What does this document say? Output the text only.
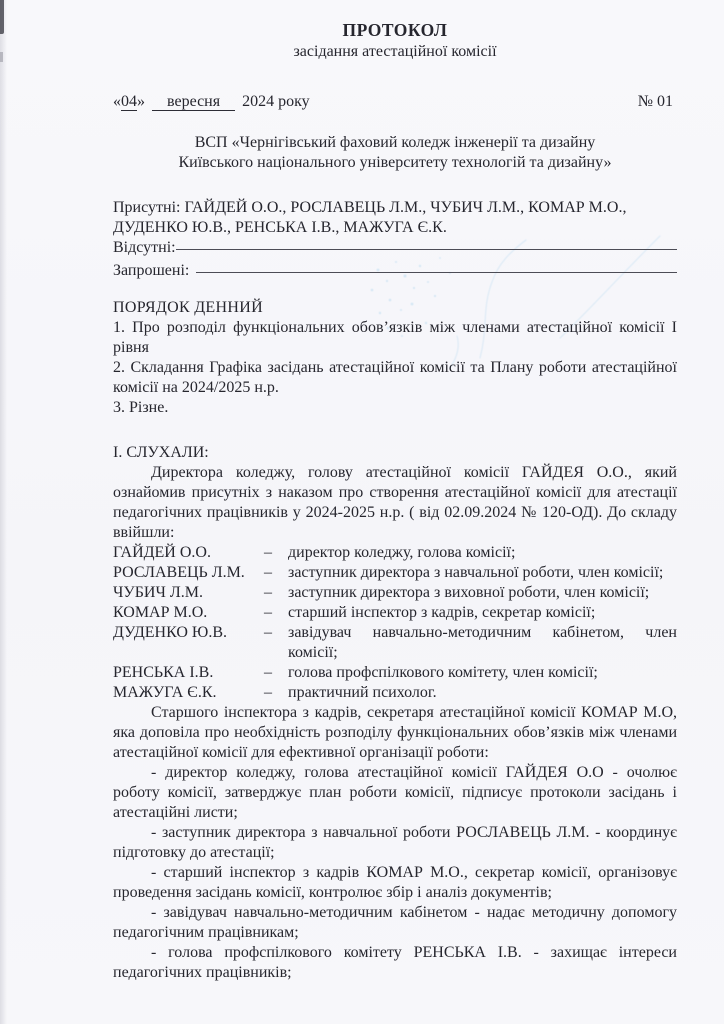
ПРОТОКОЛ
засідання атестаційної комісії
«04» вересня 2024 року	№ 01
ВСП «Чернігівський фаховий коледж інженерії та дизайну
Київського національного університету технологій та дизайну»
Присутні: ГАЙДЕЙ О.О., РОСЛАВЕЦЬ Л.М., ЧУБИЧ Л.М., КОМАР М.О., ДУДЕНКО Ю.В., РЕНСЬКА І.В., МАЖУГА Є.К.
Відсутні:
Запрошені:
ПОРЯДОК ДЕННИЙ
1. Про розподіл функціональних обов’язків між членами атестаційної комісії І рівня
2. Складання Графіка засідань атестаційної комісії та Плану роботи атестаційної комісії на 2024/2025 н.р.
3. Різне.
І. СЛУХАЛИ:

Директора коледжу, голову атестаційної комісії ГАЙДЕЯ О.О., який ознайомив присутніх з наказом про створення атестаційної комісії для атестації педагогічних працівників у 2024-2025 н.р. ( від 02.09.2024 № 120-ОД). До складу ввійшли:

ГАЙДЕЙ О.О.	–	директор коледжу, голова комісії;
РОСЛАВЕЦЬ Л.М.	–	заступник директора з навчальної роботи, член комісії;
ЧУБИЧ Л.М.	–	заступник директора з виховної роботи, член комісії;
КОМАР М.О.	–	старший інспектор з кадрів, секретар комісії;
ДУДЕНКО Ю.В.	–	завідувач навчально-методичним кабінетом, член комісії;
РЕНСЬКА І.В.	–	голова профспілкового комітету, член комісії;
МАЖУГА Є.К.	–	практичний психолог.

Старшого інспектора з кадрів, секретаря атестаційної комісії КОМАР М.О, яка доповіла про необхідність розподілу функціональних обов’язків між членами атестаційної комісії для ефективної організації роботи:

- директор коледжу, голова атестаційної комісії ГАЙДЕЯ О.О - очолює роботу комісії, затверджує план роботи комісії, підписує протоколи засідань і атестаційні листи;

- заступник директора з навчальної роботи РОСЛАВЕЦЬ Л.М. - координує підготовку до атестації;

- старший інспектор з кадрів КОМАР М.О., секретар комісії, організовує проведення засідань комісії, контролює збір і аналіз документів;

- завідувач навчально-методичним кабінетом - надає методичну допомогу педагогічним працівникам;

- голова профспілкового комітету РЕНСЬКА І.В. - захищає інтереси педагогічних працівників;
